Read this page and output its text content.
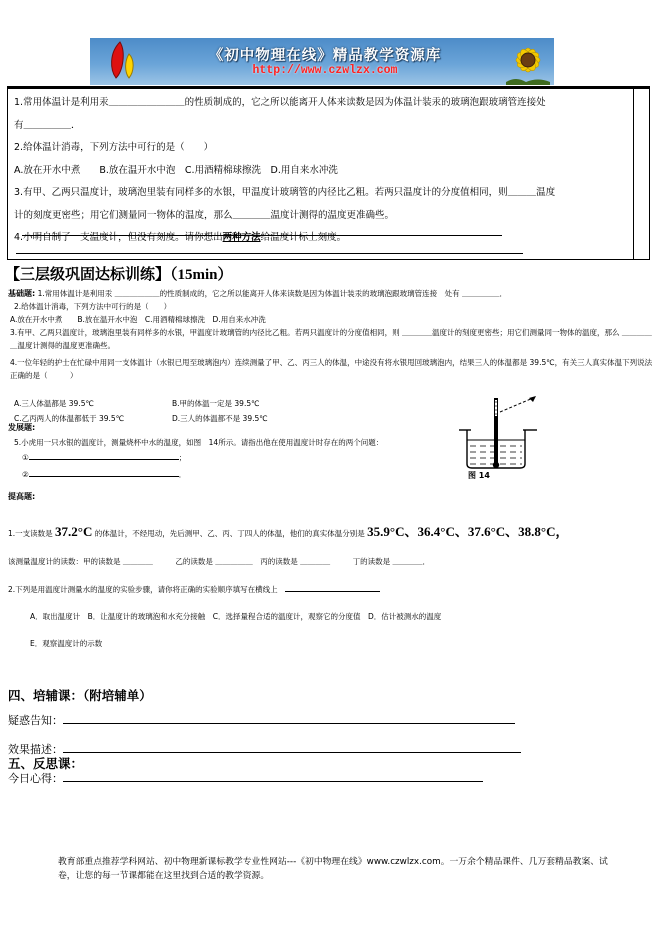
《初中物理在线》精品教学资源库
http://www.czwlzx.com

1.常用体温计是利用汞＿＿＿＿＿＿＿＿的性质制成的，它之所以能离开人体来读数是因为体温计装汞的玻璃泡跟玻璃管连接处

有＿＿＿＿＿．

2.给体温计消毒，下列方法中可行的是（　　）

A.放在开水中煮　　B.放在温开水中泡　C.用酒精棉球擦洗　D.用自来水冲洗

3.有甲、乙两只温度计，玻璃泡里装有同样多的水银，甲温度计玻璃管的内径比乙粗。若两只温度计的分度值相同，则＿＿＿温度

计的刻度更密些；用它们测量同一物体的温度，那么＿＿＿＿温度计测得的温度更准确些。

4.小明自制了一支温度计，但没有刻度。请你想出两种方法给温度计标上刻度。

【三层级巩固达标训练】（15min）
基础题: 1.常用体温计是利用汞 ＿＿＿＿＿＿的性质制成的，它之所以能离开人体来读数是因为体温计装汞的玻璃泡跟玻璃管连接　处有 ＿＿＿＿＿．
2.给体温计消毒，下列方法中可行的是（　　）
A.放在开水中煮　　B.放在温开水中泡　C.用酒精棉球擦洗　D.用自来水冲洗
3.有甲、乙两只温度计，玻璃泡里装有同样多的水银，甲温度计玻璃管的内径比乙粗。若两只温度计的分度值相同，则 ＿＿＿＿温度计的刻度更密些；用它们测量同一物体的温度，那么 ＿＿＿＿＿温度计测得的温度更准确些。
4.一位年轻的护士在忙碌中用同一支体温计（水银已甩至玻璃泡内）连续测量了甲、乙、丙三人的体温，中途没有将水银甩回玻璃泡内，结果三人的体温都是 39.5℃，有关三人真实体温下列说法正确的是（　　　）
A.三人体温都是 39.5℃	B.甲的体温一定是 39.5℃
C.乙丙两人的体温都低于 39.5℃	D.三人的体温都不是 39.5℃
发展题:
5.小虎用一只水银的温度计，测量烧杯中水的温度，如图　14所示。请指出他在使用温度计时存在的两个问题：
①	；
②	．	图 14
提高题:
1.一支读数是 37.2°C 的体温计，不经甩动，先后测甲、乙、丙、丁四人的体温，他们的真实体温分别是 35.9°C、36.4°C、37.6°C、38.8°C，
该测量温度计的读数：甲的读数是 ＿＿＿＿　　　乙的读数是 ＿＿＿＿＿　丙的读数是 ＿＿＿＿　　　丁的读数是 ＿＿＿＿．
2.下列是用温度计测量水的温度的实验步骤，请你将正确的实验顺序填写在横线上　
A．取出温度计　B．让温度计的玻璃泡和水充分接触　C．选择量程合适的温度计，观察它的分度值　D．估计被测水的温度
E．观察温度计的示数
四、培辅课：（附培辅单）
疑惑告知：
效果描述：
五、反思课：
今日心得：
教育部重点推荐学科网站、初中物理新课标教学专业性网站---《初中物理在线》www.czwlzx.com。一万余个精品课件、几万套精品教案、试卷，让您的每一节课都能在这里找到合适的教学资源。
